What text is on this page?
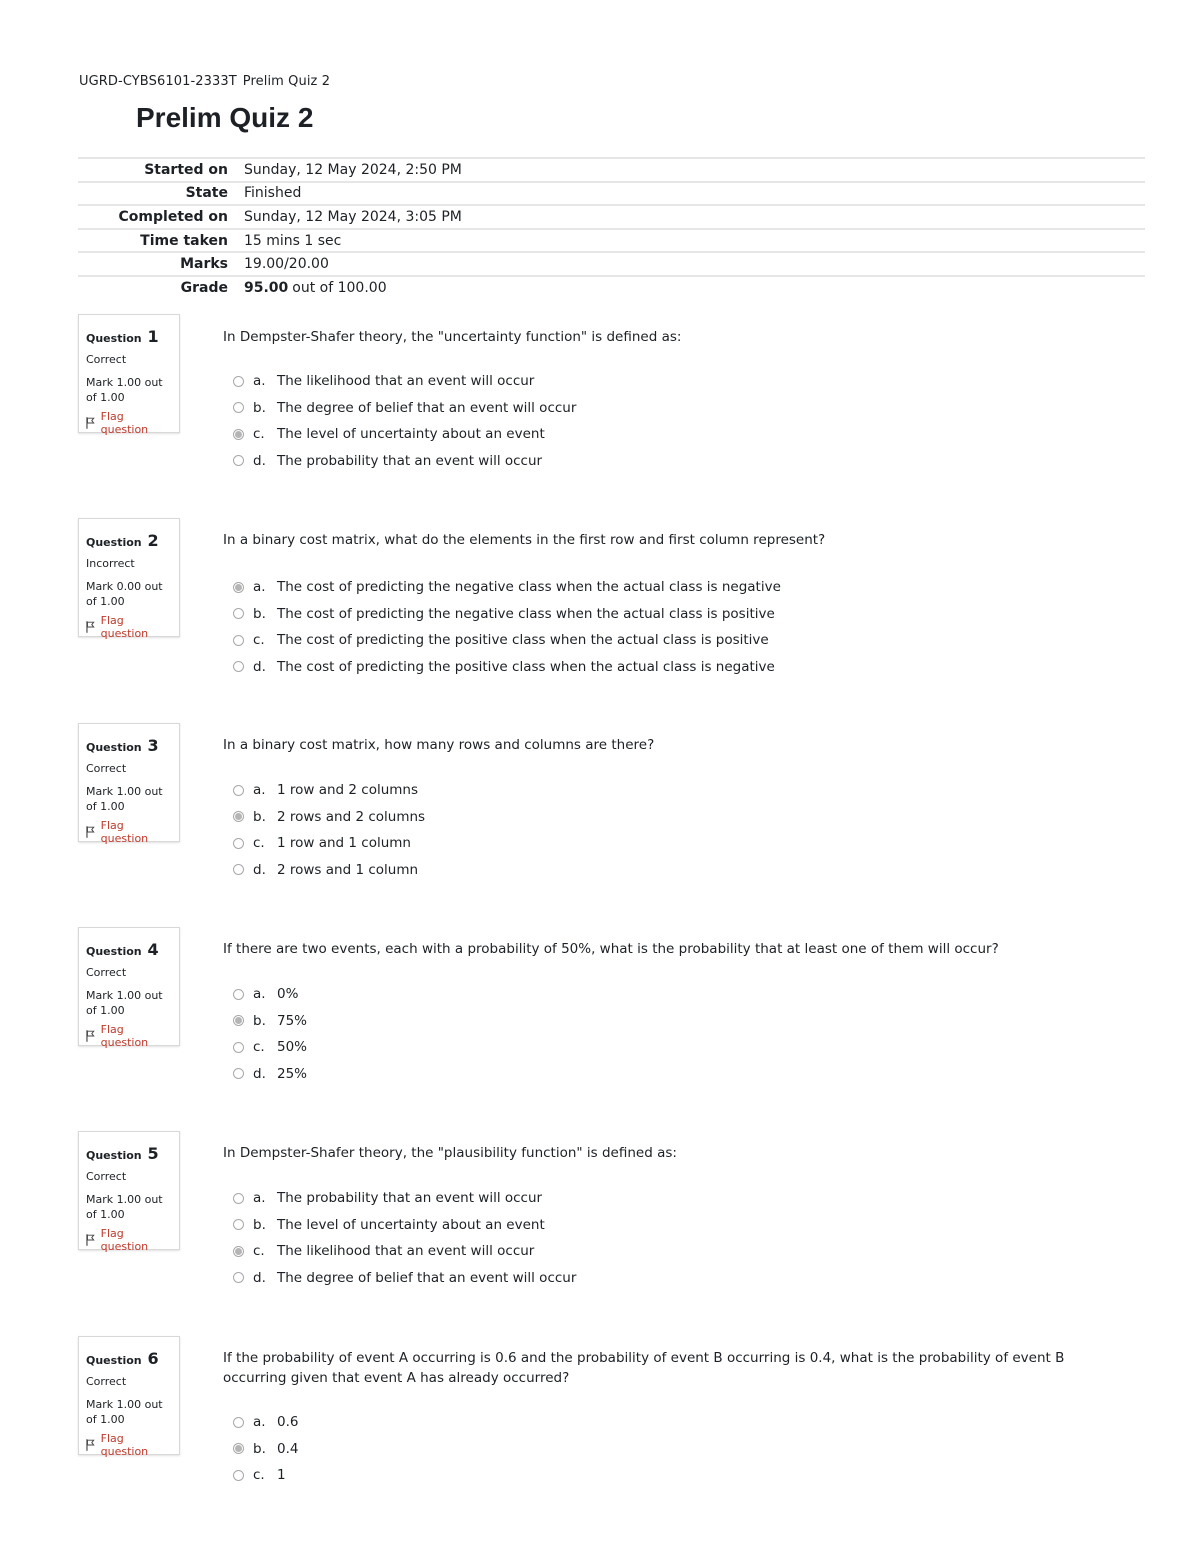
UGRD-CYBS6101-2333T Prelim Quiz 2
Prelim Quiz 2
Started on	Sunday, 12 May 2024, 2:50 PM
State	Finished
Completed on	Sunday, 12 May 2024, 3:05 PM
Time taken	15 mins 1 sec
Marks	19.00/20.00
Grade	95.00 out of 100.00
Question 1
Correct
Mark 1.00 out of 1.00
Flag question
In Dempster-Shafer theory, the "uncertainty function" is defined as:
a. The likelihood that an event will occur
b. The degree of belief that an event will occur
c. The level of uncertainty about an event
d. The probability that an event will occur
Question 2
Incorrect
Mark 0.00 out of 1.00
Flag question
In a binary cost matrix, what do the elements in the first row and first column represent?
a. The cost of predicting the negative class when the actual class is negative
b. The cost of predicting the negative class when the actual class is positive
c. The cost of predicting the positive class when the actual class is positive
d. The cost of predicting the positive class when the actual class is negative
Question 3
Correct
Mark 1.00 out of 1.00
Flag question
In a binary cost matrix, how many rows and columns are there?
a. 1 row and 2 columns
b. 2 rows and 2 columns
c. 1 row and 1 column
d. 2 rows and 1 column
Question 4
Correct
Mark 1.00 out of 1.00
Flag question
If there are two events, each with a probability of 50%, what is the probability that at least one of them will occur?
a. 0%
b. 75%
c. 50%
d. 25%
Question 5
Correct
Mark 1.00 out of 1.00
Flag question
In Dempster-Shafer theory, the "plausibility function" is defined as:
a. The probability that an event will occur
b. The level of uncertainty about an event
c. The likelihood that an event will occur
d. The degree of belief that an event will occur
Question 6
Correct
Mark 1.00 out of 1.00
Flag question
If the probability of event A occurring is 0.6 and the probability of event B occurring is 0.4, what is the probability of event B occurring given that event A has already occurred?
a. 0.6
b. 0.4
c. 1
